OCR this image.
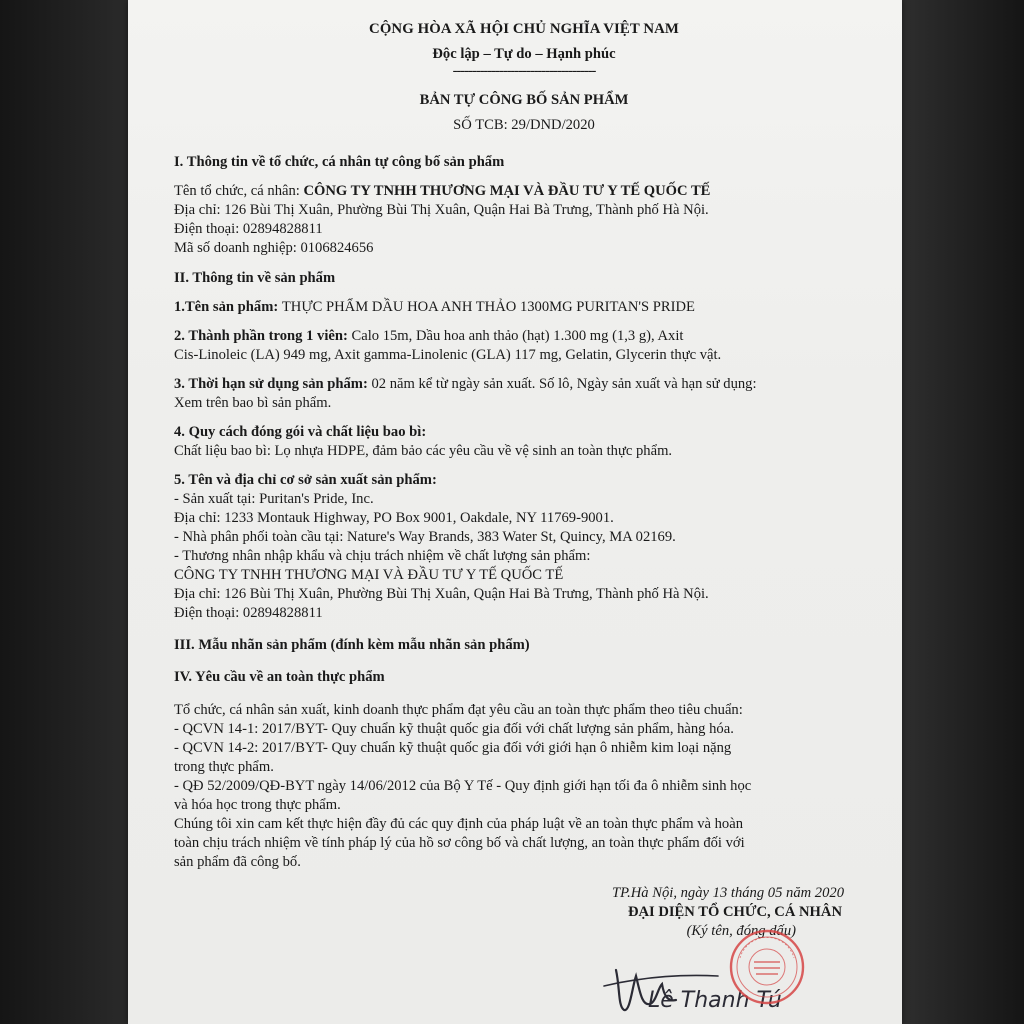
CỘNG HÒA XÃ HỘI CHỦ NGHĨA VIỆT NAM
Độc lập – Tự do – Hạnh phúc
-------------------------------------
BẢN TỰ CÔNG BỐ SẢN PHẨM
SỐ TCB: 29/DND/2020
I. Thông tin về tổ chức, cá nhân tự công bố sản phẩm
Tên tổ chức, cá nhân: CÔNG TY TNHH THƯƠNG MẠI VÀ ĐẦU TƯ Y TẾ QUỐC TẾ
Địa chỉ: 126 Bùi Thị Xuân, Phường Bùi Thị Xuân, Quận Hai Bà Trưng, Thành phố Hà Nội.
Điện thoại: 02894828811
Mã số doanh nghiệp: 0106824656
II. Thông tin về sản phẩm
1.Tên sản phẩm: THỰC PHẨM DẦU HOA ANH THẢO 1300MG PURITAN'S PRIDE
2. Thành phần trong 1 viên: Calo 15m, Dầu hoa anh thảo (hạt) 1.300 mg (1,3 g), Axit
Cis-Linoleic (LA) 949 mg, Axit gamma-Linolenic (GLA) 117 mg, Gelatin, Glycerin thực vật.
3. Thời hạn sử dụng sản phẩm: 02 năm kể từ ngày sản xuất. Số lô, Ngày sản xuất và hạn sử dụng:
Xem trên bao bì sản phẩm.
4. Quy cách đóng gói và chất liệu bao bì:
Chất liệu bao bì: Lọ nhựa HDPE, đảm bảo các yêu cầu về vệ sinh an toàn thực phẩm.
5. Tên và địa chỉ cơ sở sản xuất sản phẩm:
- Sản xuất tại: Puritan's Pride, Inc.
Địa chỉ: 1233 Montauk Highway, PO Box 9001, Oakdale, NY 11769-9001.
- Nhà phân phối toàn cầu tại: Nature's Way Brands, 383 Water St, Quincy, MA 02169.
- Thương nhân nhập khẩu và chịu trách nhiệm về chất lượng sản phẩm:
CÔNG TY TNHH THƯƠNG MẠI VÀ ĐẦU TƯ Y TẾ QUỐC TẾ
Địa chỉ: 126 Bùi Thị Xuân, Phường Bùi Thị Xuân, Quận Hai Bà Trưng, Thành phố Hà Nội.
Điện thoại: 02894828811
III. Mẫu nhãn sản phẩm (đính kèm mẫu nhãn sản phẩm)
IV. Yêu cầu về an toàn thực phẩm
Tổ chức, cá nhân sản xuất, kinh doanh thực phẩm đạt yêu cầu an toàn thực phẩm theo tiêu chuẩn:
- QCVN 14-1: 2017/BYT- Quy chuẩn kỹ thuật quốc gia đối với chất lượng sản phẩm, hàng hóa.
- QCVN 14-2: 2017/BYT- Quy chuẩn kỹ thuật quốc gia đối với giới hạn ô nhiễm kim loại nặng
trong thực phẩm.
- QĐ 52/2009/QĐ-BYT ngày 14/06/2012 của Bộ Y Tế - Quy định giới hạn tối đa ô nhiễm sinh học
và hóa học trong thực phẩm.
Chúng tôi xin cam kết thực hiện đầy đủ các quy định của pháp luật về an toàn thực phẩm và hoàn
toàn chịu trách nhiệm về tính pháp lý của hồ sơ công bố và chất lượng, an toàn thực phẩm đối với
sản phẩm đã công bố.
TP.Hà Nội, ngày 13 tháng 05 năm 2020
ĐẠI DIỆN TỔ CHỨC, CÁ NHÂN
(Ký tên, đóng dấu)
Lê Thanh Tú
